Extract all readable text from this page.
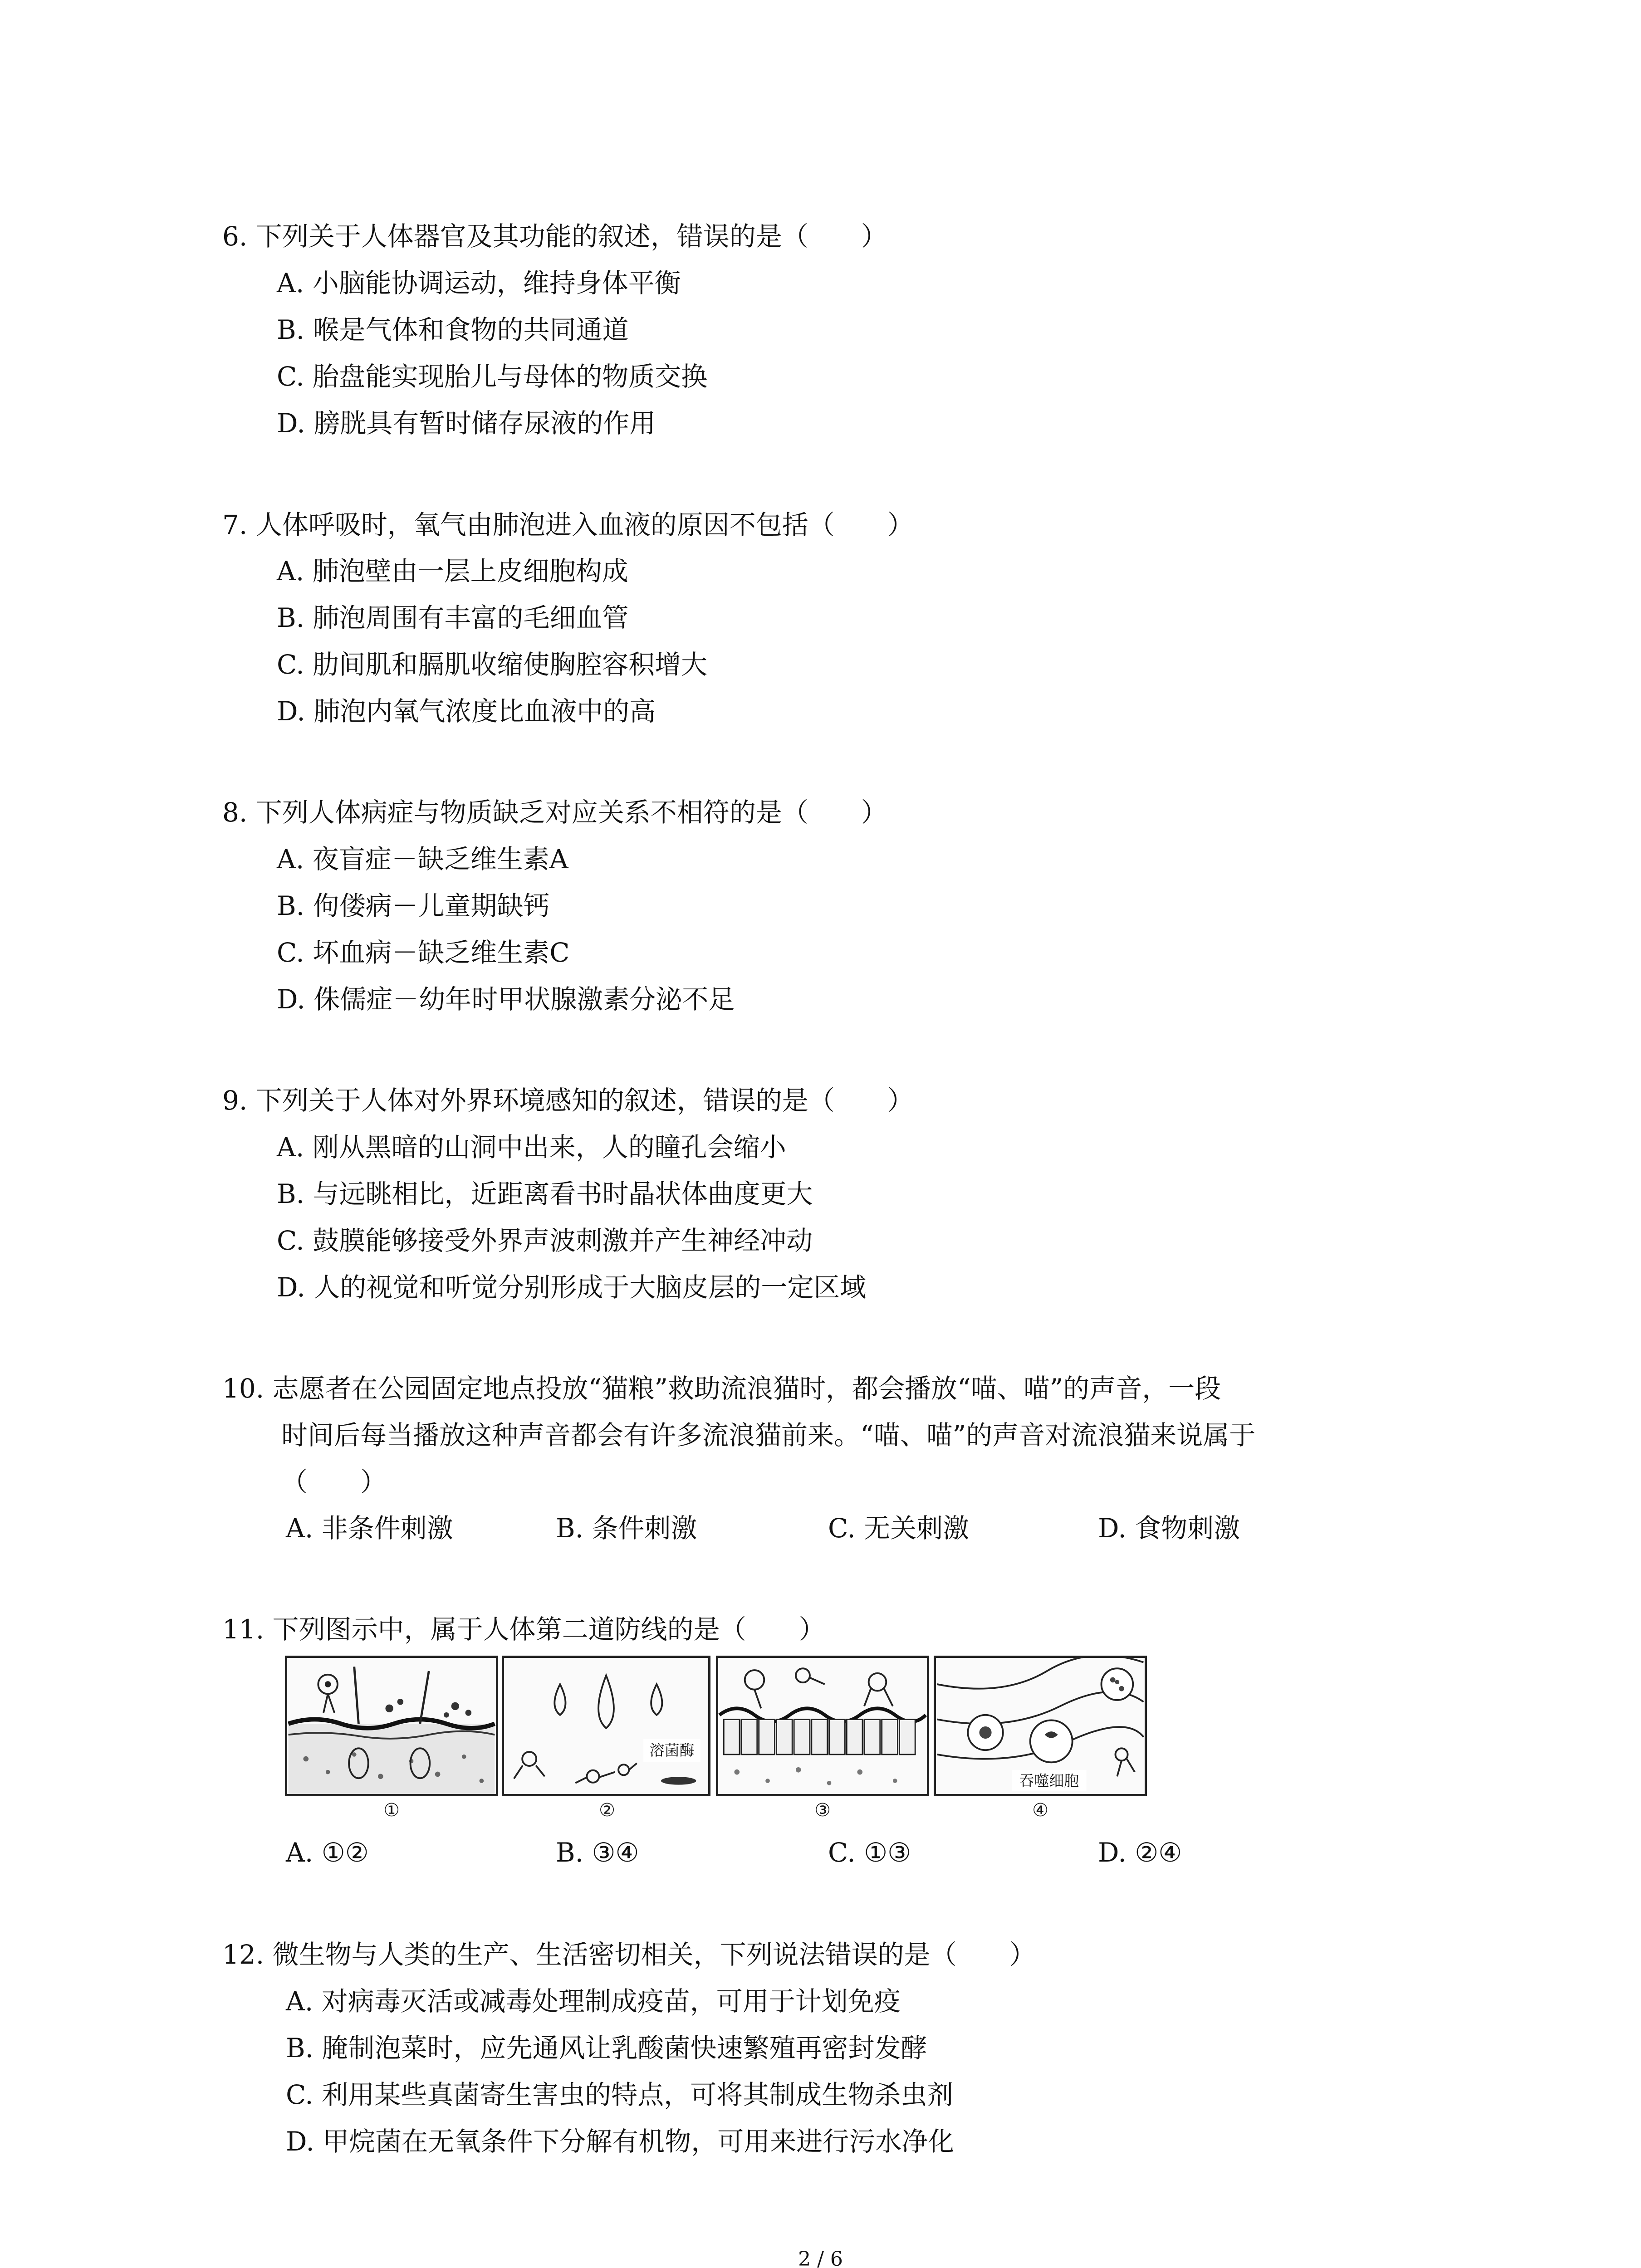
6. 下列关于人体器官及其功能的叙述，错误的是（　　）
A. 小脑能协调运动，维持身体平衡
B. 喉是气体和食物的共同通道
C. 胎盘能实现胎儿与母体的物质交换
D. 膀胱具有暂时储存尿液的作用
7. 人体呼吸时，氧气由肺泡进入血液的原因不包括（　　）
A. 肺泡壁由一层上皮细胞构成
B. 肺泡周围有丰富的毛细血管
C. 肋间肌和膈肌收缩使胸腔容积增大
D. 肺泡内氧气浓度比血液中的高
8. 下列人体病症与物质缺乏对应关系不相符的是（　　）
A. 夜盲症－缺乏维生素A
B. 佝偻病－儿童期缺钙
C. 坏血病－缺乏维生素C
D. 侏儒症－幼年时甲状腺激素分泌不足
9. 下列关于人体对外界环境感知的叙述，错误的是（　　）
A. 刚从黑暗的山洞中出来，人的瞳孔会缩小
B. 与远眺相比，近距离看书时晶状体曲度更大
C. 鼓膜能够接受外界声波刺激并产生神经冲动
D. 人的视觉和听觉分别形成于大脑皮层的一定区域
10. 志愿者在公园固定地点投放“猫粮”救助流浪猫时，都会播放“喵、喵”的声音，一段
时间后每当播放这种声音都会有许多流浪猫前来。“喵、喵”的声音对流浪猫来说属于
（　　）
A. 非条件刺激	B. 条件刺激	C. 无关刺激	D. 食物刺激
11. 下列图示中，属于人体第二道防线的是（　　）
溶菌酶
吞噬细胞
①	②	③	④
A. ①②	B. ③④	C. ①③	D. ②④
12. 微生物与人类的生产、生活密切相关，下列说法错误的是（　　）
A. 对病毒灭活或减毒处理制成疫苗，可用于计划免疫
B. 腌制泡菜时，应先通风让乳酸菌快速繁殖再密封发酵
C. 利用某些真菌寄生害虫的特点，可将其制成生物杀虫剂
D. 甲烷菌在无氧条件下分解有机物，可用来进行污水净化
2 / 6
